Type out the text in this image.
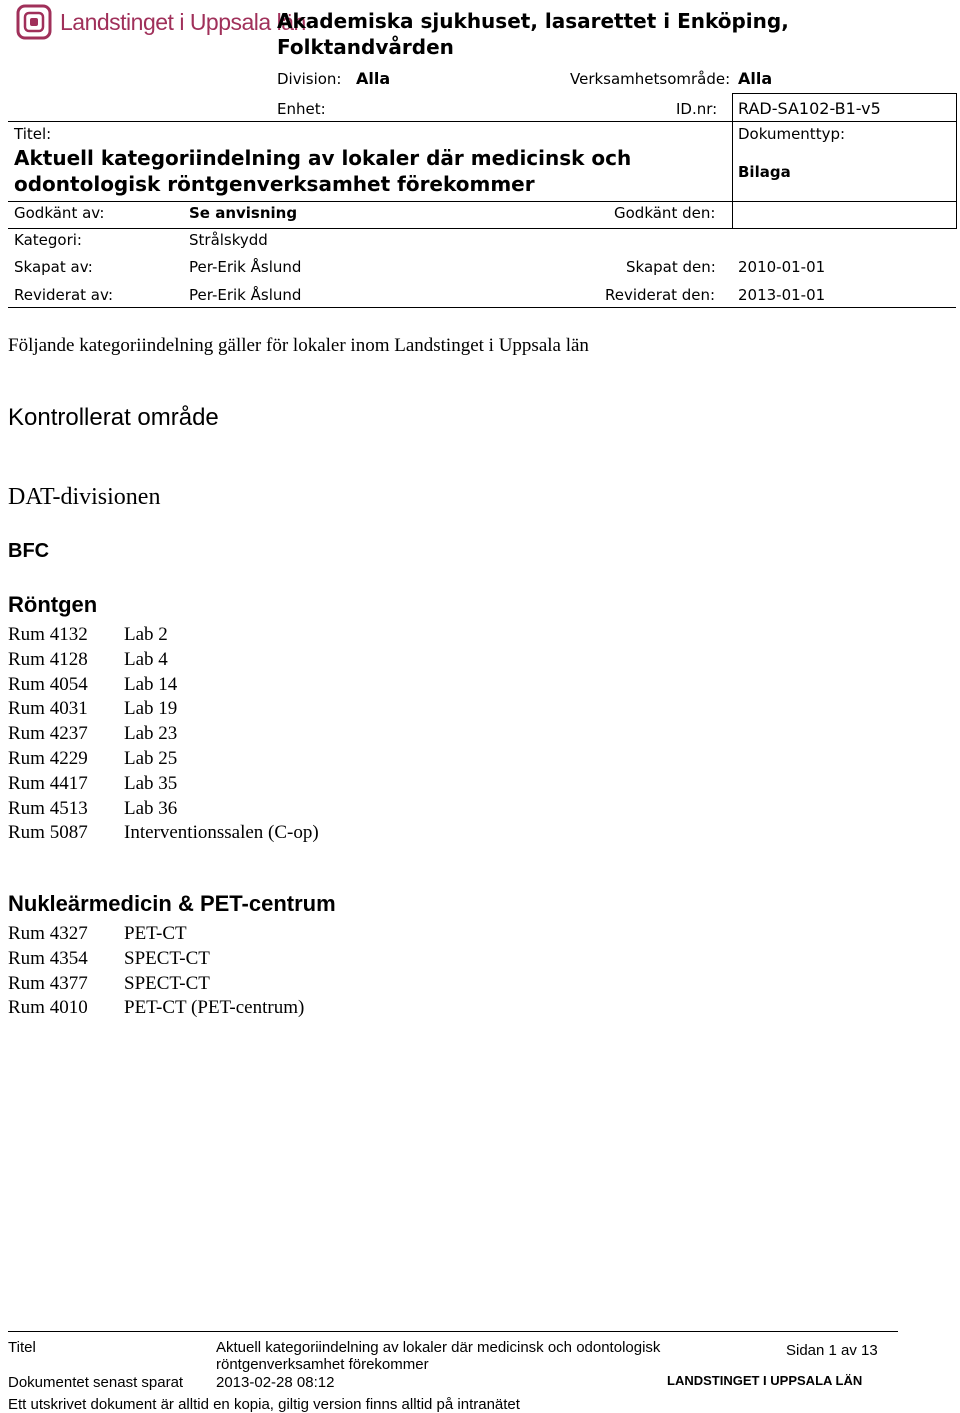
Landstinget i Uppsala län
Akademiska sjukhuset, lasarettet i Enköping,
Folktandvården
Division: Alla	Verksamhetsområde: Alla
Enhet:	ID.nr: RAD-SA102-B1-v5
Titel:	Dokumenttyp:
Aktuell kategoriindelning av lokaler där medicinsk och
odontologisk röntgenverksamhet förekommer	Bilaga
Godkänt av:	Se anvisning	Godkänt den:
Kategori:	Strålskydd
Skapat av:	Per-Erik Åslund	Skapat den: 2010-01-01
Reviderat av:	Per-Erik Åslund	Reviderat den: 2013-01-01
Följande kategoriindelning gäller för lokaler inom Landstinget i Uppsala län
Kontrollerat område
DAT-divisionen
BFC
Röntgen
Rum 4132	Lab 2
Rum 4128	Lab 4
Rum 4054	Lab 14
Rum 4031	Lab 19
Rum 4237	Lab 23
Rum 4229	Lab 25
Rum 4417	Lab 35
Rum 4513	Lab 36
Rum 5087	Interventionssalen (C-op)
Nukleärmedicin & PET-centrum
Rum 4327	PET-CT
Rum 4354	SPECT-CT
Rum 4377	SPECT-CT
Rum 4010	PET-CT (PET-centrum)
Titel	Aktuell kategoriindelning av lokaler där medicinsk och odontologisk
röntgenverksamhet förekommer
Sidan 1 av 13
Dokumentet senast sparat 2013-02-28 08:12	LANDSTINGET I UPPSALA LÄN
Ett utskrivet dokument är alltid en kopia, giltig version finns alltid på intranätet
